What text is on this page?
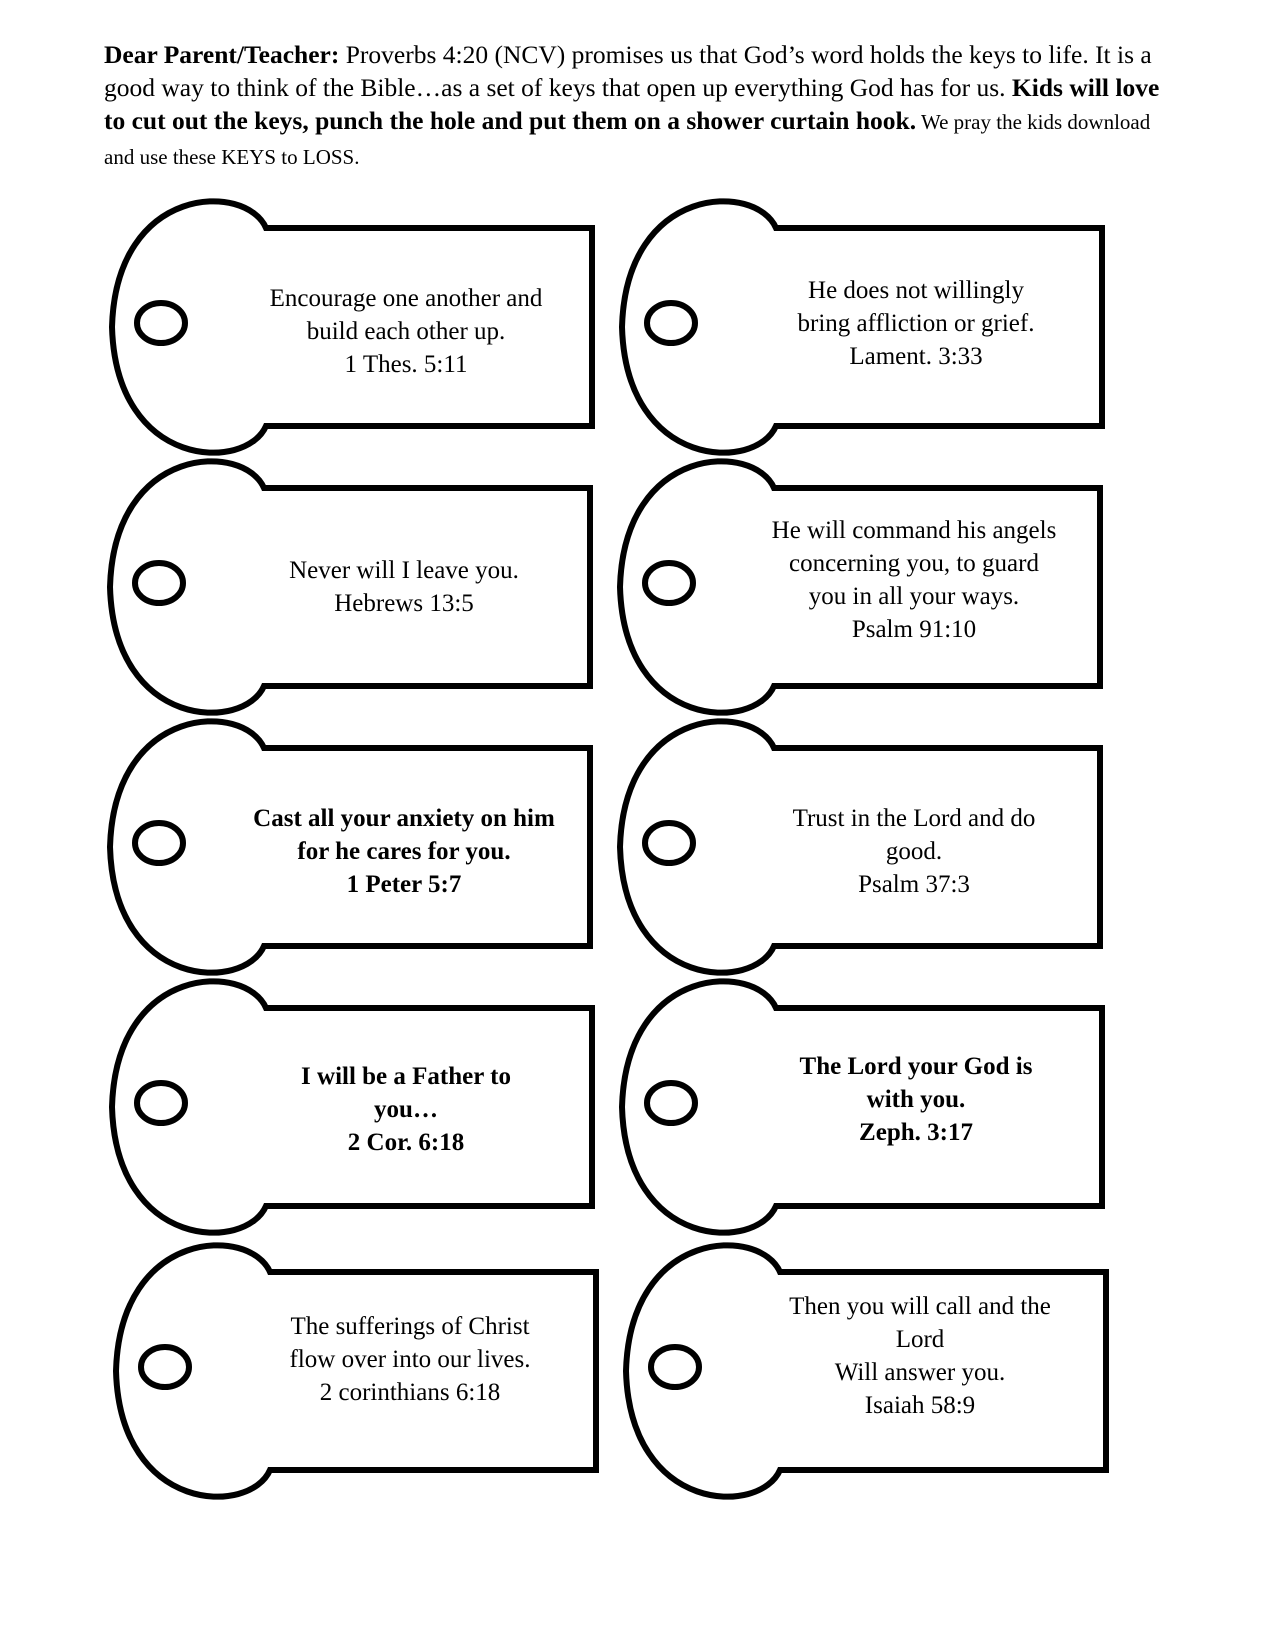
Dear Parent/Teacher: Proverbs 4:20 (NCV) promises us that God’s word holds the keys to life. It is a good way to think of the Bible…as a set of keys that open up everything God has for us. Kids will love to cut out the keys, punch the hole and put them on a shower curtain hook. We pray the kids download and use these KEYS to LOSS.
Encourage one another and
build each other up.
1 Thes. 5:11
He does not willingly
bring affliction or grief.
Lament. 3:33
Never will I leave you.
Hebrews 13:5
He will command his angels
concerning you, to guard
you in all your ways.
Psalm 91:10
Cast all your anxiety on him
for he cares for you.
1 Peter 5:7
Trust in the Lord and do
good.
Psalm 37:3
I will be a Father to
you…
2 Cor. 6:18
The Lord your God is
with you.
Zeph. 3:17
The sufferings of Christ
flow over into our lives.
2 corinthians 6:18
Then you will call and the
Lord
Will answer you.
Isaiah 58:9
